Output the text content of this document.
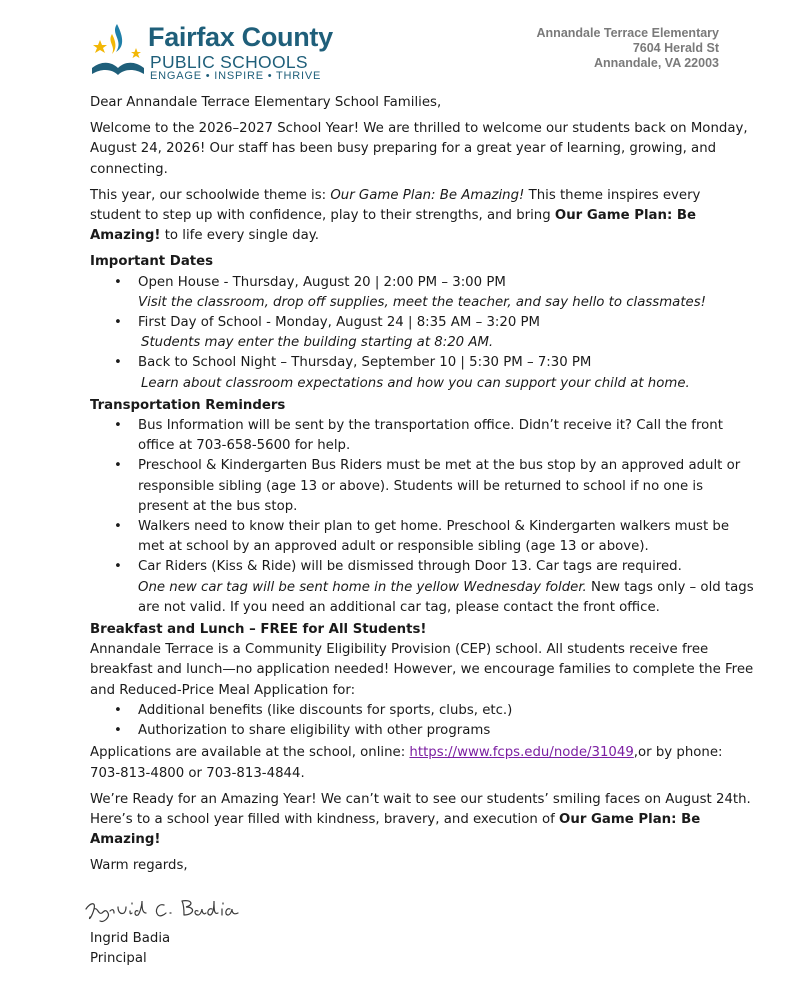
Fairfax County
PUBLIC SCHOOLS
ENGAGE • INSPIRE • THRIVE
Annandale Terrace Elementary
7604 Herald St
Annandale, VA 22003

Dear Annandale Terrace Elementary School Families,

Welcome to the 2026–2027 School Year! We are thrilled to welcome our students back on Monday, August 24, 2026! Our staff has been busy preparing for a great year of learning, growing, and connecting.

This year, our schoolwide theme is: Our Game Plan: Be Amazing! This theme inspires every student to step up with confidence, play to their strengths, and bring Our Game Plan: Be Amazing! to life every single day.

Important Dates
• Open House - Thursday, August 20 | 2:00 PM – 3:00 PM
Visit the classroom, drop off supplies, meet the teacher, and say hello to classmates!
• First Day of School - Monday, August 24 | 8:35 AM – 3:20 PM
Students may enter the building starting at 8:20 AM.
• Back to School Night – Thursday, September 10 | 5:30 PM – 7:30 PM
Learn about classroom expectations and how you can support your child at home.
Transportation Reminders
• Bus Information will be sent by the transportation office. Didn’t receive it? Call the front office at 703-658-5600 for help.
• Preschool & Kindergarten Bus Riders must be met at the bus stop by an approved adult or responsible sibling (age 13 or above). Students will be returned to school if no one is present at the bus stop.
• Walkers need to know their plan to get home. Preschool & Kindergarten walkers must be met at school by an approved adult or responsible sibling (age 13 or above).
• Car Riders (Kiss & Ride) will be dismissed through Door 13. Car tags are required.
One new car tag will be sent home in the yellow Wednesday folder. New tags only – old tags are not valid. If you need an additional car tag, please contact the front office.
Breakfast and Lunch – FREE for All Students!
Annandale Terrace is a Community Eligibility Provision (CEP) school. All students receive free breakfast and lunch—no application needed! However, we encourage families to complete the Free and Reduced-Price Meal Application for:
• Additional benefits (like discounts for sports, clubs, etc.)
• Authorization to share eligibility with other programs

Applications are available at the school, online: https://www.fcps.edu/node/31049,or by phone: 703-813-4800 or 703-813-4844.

We’re Ready for an Amazing Year! We can’t wait to see our students’ smiling faces on August 24th. Here’s to a school year filled with kindness, bravery, and execution of Our Game Plan: Be Amazing!

Warm regards,

Ingrid Badia
Principal
